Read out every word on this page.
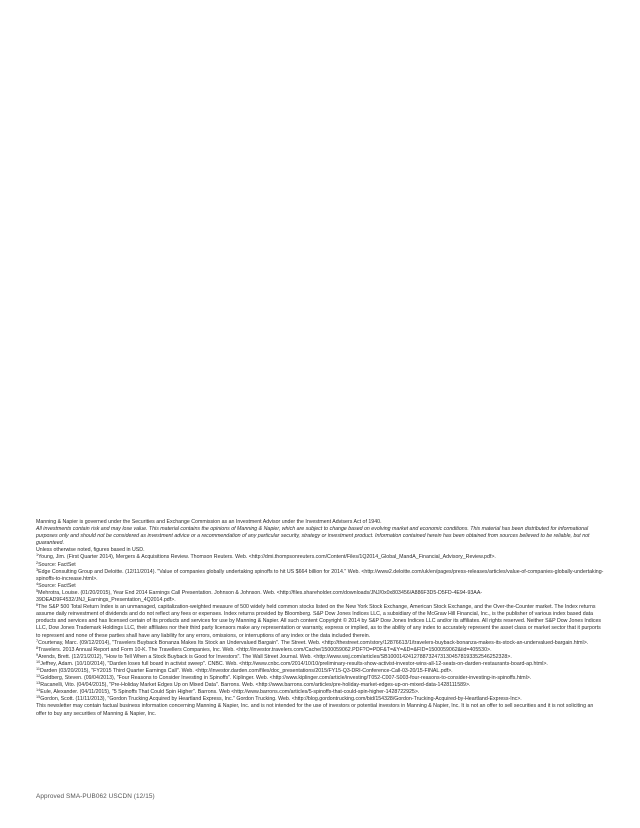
Manning & Napier is governed under the Securities and Exchange Commission as an Investment Advisor under the Investment Advisers Act of 1940.
All investments contain risk and may lose value. This material contains the opinions of Manning & Napier, which are subject to change based on evolving market and economic conditions. This material has been distributed for informational purposes only and should not be considered as investment advice or a recommendation of any particular security, strategy or investment product. Information contained herein has been obtained from sources believed to be reliable, but not guaranteed.
Unless otherwise noted, figures based in USD.
$^1$Young, Jim. (First Quarter 2014), Mergers & Acquisitions Review. Thomson Reuters. Web. <http://dmi.thompsonreuters.com/Content/Files/1Q2014_Global_MandA_Financial_Advisory_Review.pdf>.
$^2$Source: FactSet
$^3$Edge Consulting Group and Deloitte. (12/11/2014). "Value of companies globally undertaking spinoffs to hit US $664 billion for 2014." Web. <http://www2.deloitte.com/uk/en/pages/press-releases/articles/value-of-companies-globally-undertaking-spinoffs-to-increase.html>.
$^4$Source: FactSet
$^5$Mehrotra, Louise. (01/20/2015), Year End 2014 Earnings Call Presentation. Johnson & Johnson. Web. <http://files.shareholder.com/downloads/JNJ/0x0x803456/A886F3D5-D5FD-4E94-93AA-39DEAD9F4532/JNJ_Earnings_Presentation_4Q2014.pdf>.
$^6$The S&P 500 Total Return Index is an unmanaged, capitalization-weighted measure of 500 widely held common stocks listed on the New York Stock Exchange, American Stock Exchange, and the Over-the-Counter market. The Index returns assume daily reinvestment of dividends and do not reflect any fees or expenses. Index returns provided by Bloomberg. S&P Dow Jones Indices LLC, a subsidiary of the McGraw Hill Financial, Inc., is the publisher of various index based data products and services and has licensed certain of its products and services for use by Manning & Napier. All such content Copyright © 2014 by S&P Dow Jones Indices LLC and/or its affiliates. All rights reserved. Neither S&P Dow Jones Indices LLC, Dow Jones Trademark Holdings LLC, their affiliates nor their third party licensors make any representation or warranty, express or implied, as to the ability of any index to accurately represent the asset class or market sector that it purports to represent and none of these parties shall have any liability for any errors, omissions, or interruptions of any index or the data included therein.
$^7$Courtenay, Marc. (09/12/2014), "Travelers Buyback Bonanza Makes Its Stock an Undervalued Bargain". The Street. Web. <http://thestreet.com/story/12876613/1/travelers-buyback-bonanza-makes-its-stock-an-undervalued-bargain.html>.
$^8$Travelers. 2013 Annual Report and Form 10-K. The Travellers Companies, Inc. Web. <http://investor.travelers.com/Cache/1500059062.PDF?O=PDF&T=&Y=&D=&FID=1500059062&iid=405530>.
$^9$Arends, Brett. (12/21/2012), "How to Tell When a Stock Buyback is Good for Investors". The Wall Street Journal. Web. <http://www.wsj.com/articles/SB10001424127887324731304578193352546252328>.
$^{10}$Jeffrey, Adam. (10/10/2014), "Darden loses full board in activist sweep". CNBC. Web. <http://www.cnbc.com/2014/10/10/preliminary-results-show-activist-investor-wins-all-12-seats-on-darden-restaurants-board-ap.html>.
$^{11}$Darden (03/20/2015), "FY2015 Third Quarter Earnings Call". Web. <http://investor.darden.com/files/doc_presentations/2015/FY15-Q3-DRI-Conference-Call-03-20/15-FINAL.pdf>.
$^{12}$Goldberg, Steven. (09/04/2013), "Four Reasons to Consider Investing in Spinoffs". Kiplinger. Web. <http://www.kiplinger.com/article/investing/T052-C007-S003-four-reasons-to-consider-investing-in-spinoffs.html>.
$^{13}$Racanelli, Vito. (04/04/2015), "Pre-Holiday Market Edges Up on Mixed Data". Barrons. Web. <http://www.barrons.com/articles/pre-holiday-market-edges-up-on-mixed-data-1428111589>.
$^{14}$Eule, Alexander. (04/11/2015), "5 Spinoffs That Could Spin Higher". Barrons. Web <http://www.barrons.com/articles/5-spinoffs-that-could-spin-higher-1428722925>.
$^{15}$Gordon, Scott. (11/11/2013), "Gordon Trucking Acquired by Heartland Express, Inc." Gordon Trucking. Web. <http://blog.gordontrucking.com/bid/154328/Gordon-Trucking-Acquired-by-Heartland-Express-Inc>.
This newsletter may contain factual business information concerning Manning & Napier, Inc. and is not intended for the use of investors or potential investors in Manning & Napier, Inc. It is not an offer to sell securities and it is not soliciting an offer to buy any securities of Manning & Napier, Inc.
Approved SMA-PUB062 USCDN (12/15)
